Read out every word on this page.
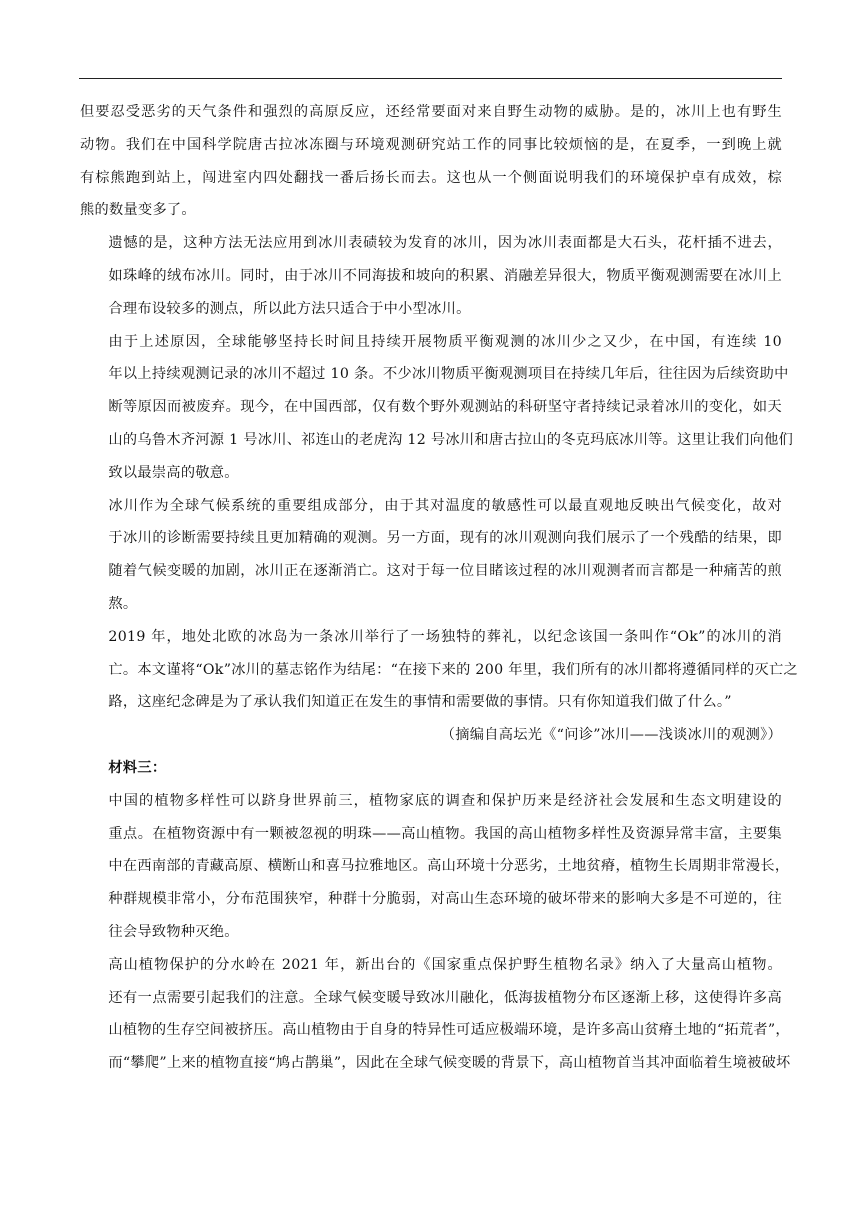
但要忍受恶劣的天气条件和强烈的高原反应，还经常要面对来自野生动物的威胁。是的，冰川上也有野生
动物。我们在中国科学院唐古拉冰冻圈与环境观测研究站工作的同事比较烦恼的是，在夏季，一到晚上就
有棕熊跑到站上，闯进室内四处翻找一番后扬长而去。这也从一个侧面说明我们的环境保护卓有成效，棕
熊的数量变多了。

遗憾的是，这种方法无法应用到冰川表碛较为发育的冰川，因为冰川表面都是大石头，花杆插不进去，
如珠峰的绒布冰川。同时，由于冰川不同海拔和坡向的积累、消融差异很大，物质平衡观测需要在冰川上
合理布设较多的测点，所以此方法只适合于中小型冰川。

由于上述原因，全球能够坚持长时间且持续开展物质平衡观测的冰川少之又少，在中国，有连续 10
年以上持续观测记录的冰川不超过 10 条。不少冰川物质平衡观测项目在持续几年后，往往因为后续资助中
断等原因而被废弃。现今，在中国西部，仅有数个野外观测站的科研坚守者持续记录着冰川的变化，如天
山的乌鲁木齐河源 1 号冰川、祁连山的老虎沟 12 号冰川和唐古拉山的冬克玛底冰川等。这里让我们向他们
致以最崇高的敬意。

冰川作为全球气候系统的重要组成部分，由于其对温度的敏感性可以最直观地反映出气候变化，故对
于冰川的诊断需要持续且更加精确的观测。另一方面，现有的冰川观测向我们展示了一个残酷的结果，即
随着气候变暖的加剧，冰川正在逐渐消亡。这对于每一位目睹该过程的冰川观测者而言都是一种痛苦的煎
熬。

2019 年，地处北欧的冰岛为一条冰川举行了一场独特的葬礼，以纪念该国一条叫作“Ok”的冰川的消
亡。本文谨将“Ok”冰川的墓志铭作为结尾：“在接下来的 200 年里，我们所有的冰川都将遵循同样的灭亡之
路，这座纪念碑是为了承认我们知道正在发生的事情和需要做的事情。只有你知道我们做了什么。”

（摘编自高坛光《“问诊”冰川——浅谈冰川的观测》）

材料三：

中国的植物多样性可以跻身世界前三，植物家底的调查和保护历来是经济社会发展和生态文明建设的
重点。在植物资源中有一颗被忽视的明珠——高山植物。我国的高山植物多样性及资源异常丰富，主要集
中在西南部的青藏高原、横断山和喜马拉雅地区。高山环境十分恶劣，土地贫瘠，植物生长周期非常漫长，
种群规模非常小，分布范围狭窄，种群十分脆弱，对高山生态环境的破坏带来的影响大多是不可逆的，往
往会导致物种灭绝。

高山植物保护的分水岭在 2021 年，新出台的《国家重点保护野生植物名录》纳入了大量高山植物。
还有一点需要引起我们的注意。全球气候变暖导致冰川融化，低海拔植物分布区逐渐上移，这使得许多高
山植物的生存空间被挤压。高山植物由于自身的特异性可适应极端环境，是许多高山贫瘠土地的“拓荒者”，
而“攀爬”上来的植物直接“鸠占鹊巢”，因此在全球气候变暖的背景下，高山植物首当其冲面临着生境被破坏
